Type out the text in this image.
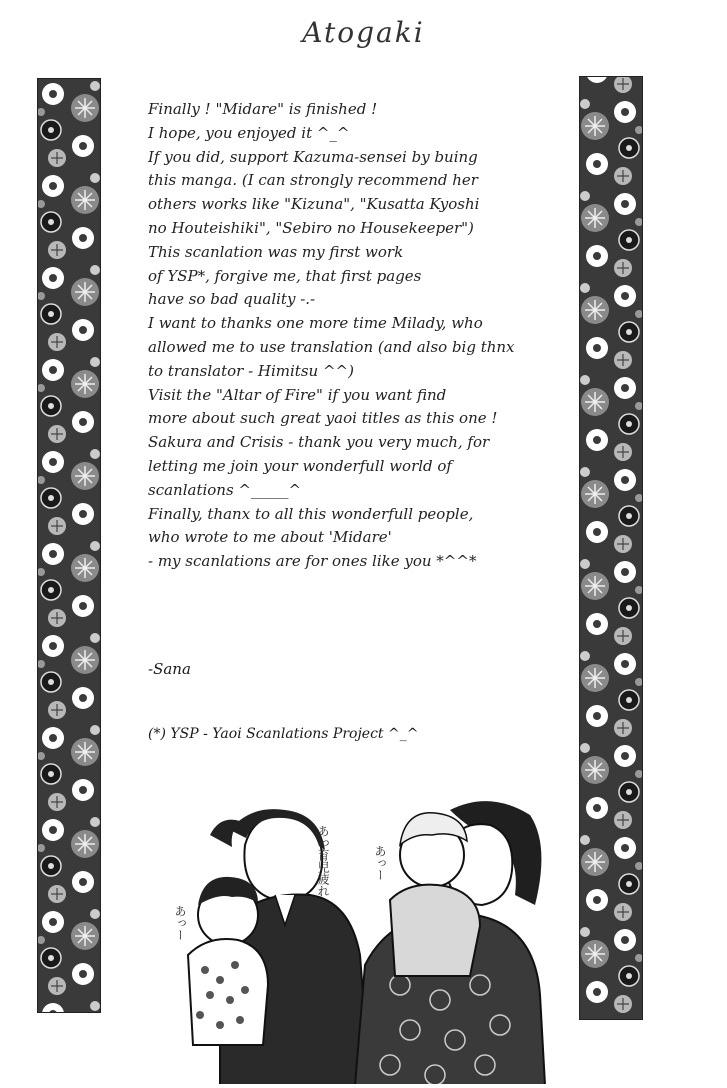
Atogaki
Finally ! "Midare" is finished !
I hope, you enjoyed it ^_^
If you did, support Kazuma-sensei by buing
this manga. (I can strongly recommend her
others works like "Kizuna", "Kusatta Kyoshi
no Houteishiki", "Sebiro no Housekeeper")
This scanlation was my first work
of YSP*, forgive me, that first pages
have so bad quality -.-
I want to thanks one more time Milady, who
allowed me to use translation (and also big thnx
to translator - Himitsu ^^)
Visit the "Altar of Fire" if you want find
more about such great yaoi titles as this one !
Sakura and Crisis - thank you very much, for
letting me join your wonderfull world of
scanlations ^_____^
Finally, thanx to all this wonderfull people,
who wrote to me about 'Midare'
- my scanlations are for ones like you *^^*
-Sana
(*) YSP - Yaoi Scanlations Project ^_^
あっ育児疲れ
あっー
あっー	ふっ…
